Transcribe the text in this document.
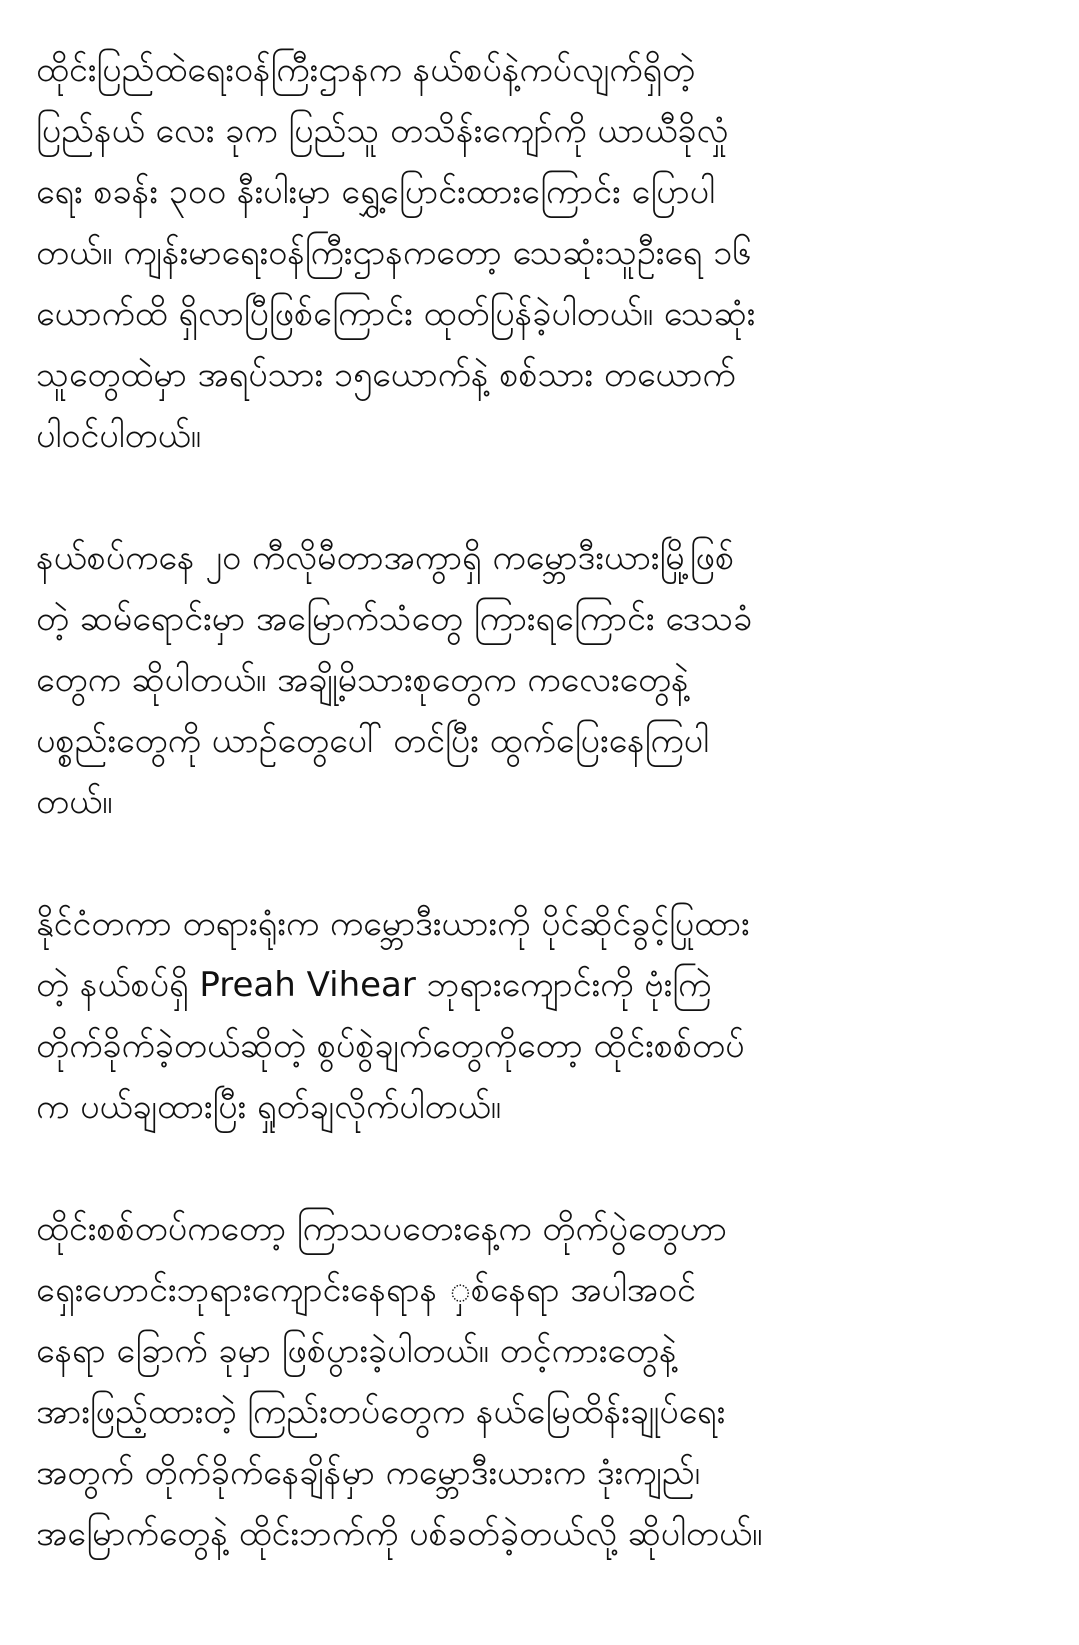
ထိုင်းပြည်ထဲရေးဝန်ကြီးဌာနက နယ်စပ်နဲ့ကပ်လျက်ရှိတဲ့
ပြည်နယ် လေး ခုက ပြည်သူ တသိန်းကျော်ကို ယာယီခိုလှုံ
ရေး စခန်း ၃၀၀ နီးပါးမှာ ရွှေ့ပြောင်းထားကြောင်း ပြောပါ
တယ်။ ကျန်းမာရေးဝန်ကြီးဌာနကတော့ သေဆုံးသူဦးရေ ၁၆
ယောက်ထိ ရှိလာပြီဖြစ်ကြောင်း ထုတ်ပြန်ခဲ့ပါတယ်။ သေဆုံး
သူတွေထဲမှာ အရပ်သား ၁၅ယောက်နဲ့ စစ်သား တယောက်
ပါဝင်ပါတယ်။

နယ်စပ်ကနေ ၂၀ ကီလိုမီတာအကွာရှိ ကမ္ဘောဒီးယားမြို့ဖြစ်
တဲ့ ဆမ်ရောင်းမှာ အမြောက်သံတွေ ကြားရကြောင်း ဒေသခံ
တွေက ဆိုပါတယ်။ အချို့မိသားစုတွေက ကလေးတွေနဲ့
ပစ္စည်းတွေကို ယာဉ်တွေပေါ် တင်ပြီး ထွက်ပြေးနေကြပါ
တယ်။

နိုင်ငံတကာ တရားရုံးက ကမ္ဘောဒီးယားကို ပိုင်ဆိုင်ခွင့်ပြုထား
တဲ့ နယ်စပ်ရှိ Preah Vihear ဘုရားကျောင်းကို ဗုံးကြဲ
တိုက်ခိုက်ခဲ့တယ်ဆိုတဲ့ စွပ်စွဲချက်တွေကိုတော့ ထိုင်းစစ်တပ်
က ပယ်ချထားပြီး ရှုတ်ချလိုက်ပါတယ်။

ထိုင်းစစ်တပ်ကတော့ ကြာသပတေးနေ့က တိုက်ပွဲတွေဟာ
ရှေးဟောင်းဘုရားကျောင်းနေရာန ှစ်နေရာ အပါအဝင်
နေရာ ခြောက် ခုမှာ ဖြစ်ပွားခဲ့ပါတယ်။ တင့်ကားတွေနဲ့
အားဖြည့်ထားတဲ့ ကြည်းတပ်တွေက နယ်မြေထိန်းချုပ်ရေး
အတွက် တိုက်ခိုက်နေချိန်မှာ ကမ္ဘောဒီးယားက ဒုံးကျည်၊
အမြောက်တွေနဲ့ ထိုင်းဘက်ကို ပစ်ခတ်ခဲ့တယ်လို့ ဆိုပါတယ်။
